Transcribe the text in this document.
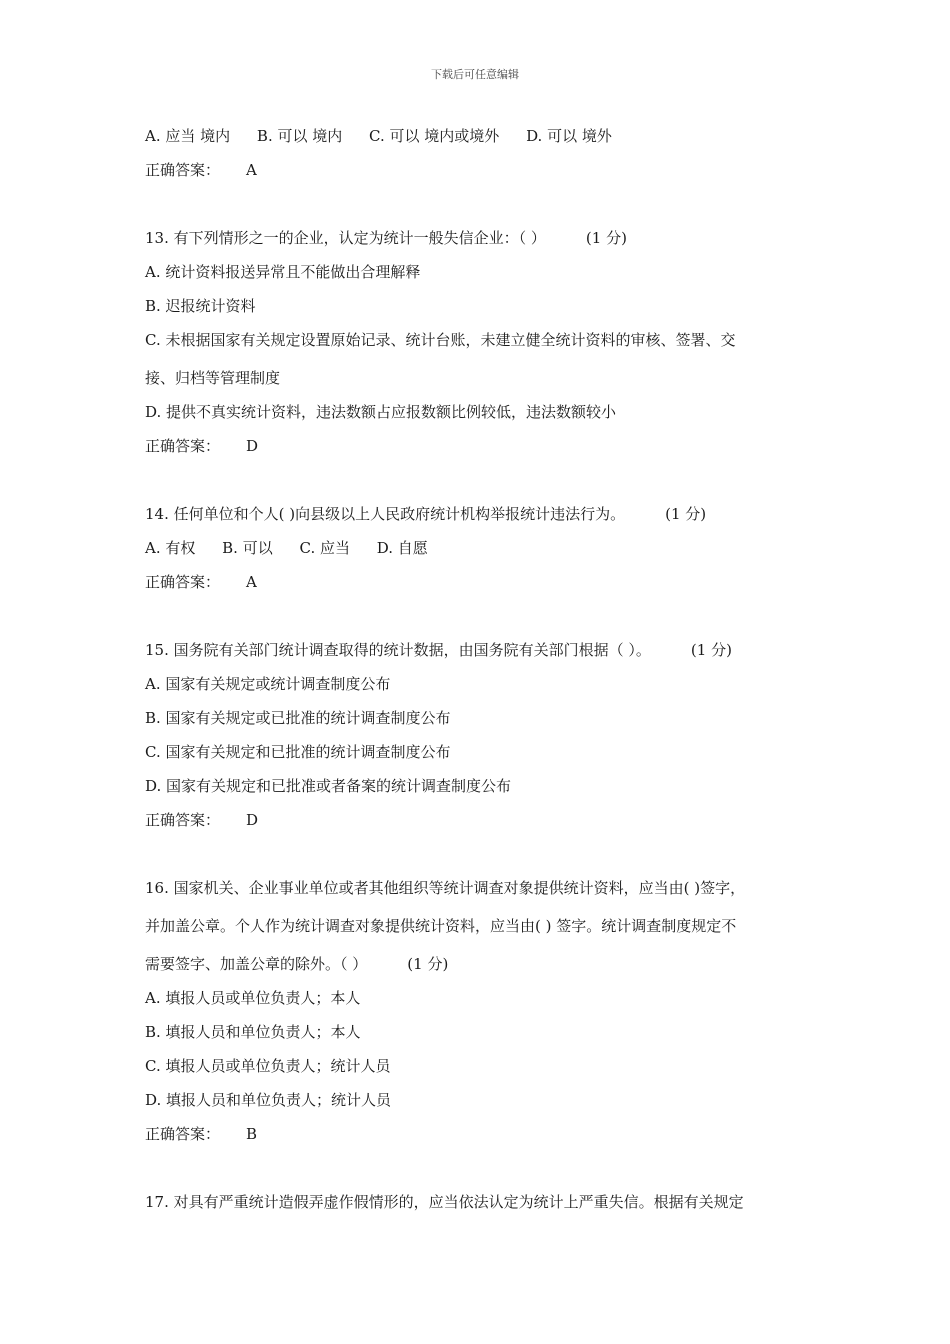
下载后可任意编辑
A. 应当 境内 B. 可以 境内 C. 可以 境内或境外 D. 可以 境外
正确答案： A
13. 有下列情形之一的企业，认定为统计一般失信企业：（ ）	(1 分)
A. 统计资料报送异常且不能做出合理解释
B. 迟报统计资料
C. 未根据国家有关规定设置原始记录、统计台账，未建立健全统计资料的审核、签署、交
接、归档等管理制度
D. 提供不真实统计资料，违法数额占应报数额比例较低，违法数额较小
正确答案： D
14. 任何单位和个人( )向县级以上人民政府统计机构举报统计违法行为。	(1 分)
A. 有权 B. 可以 C. 应当 D. 自愿
正确答案： A
15. 国务院有关部门统计调查取得的统计数据，由国务院有关部门根据（ ）。	(1 分)
A. 国家有关规定或统计调查制度公布
B. 国家有关规定或已批准的统计调查制度公布
C. 国家有关规定和已批准的统计调查制度公布
D. 国家有关规定和已批准或者备案的统计调查制度公布
正确答案： D
16. 国家机关、企业事业单位或者其他组织等统计调查对象提供统计资料，应当由( )签字，
并加盖公章。个人作为统计调查对象提供统计资料，应当由( ) 签字。统计调查制度规定不
需要签字、加盖公章的除外。（ ）	(1 分)
A. 填报人员或单位负责人；本人
B. 填报人员和单位负责人；本人
C. 填报人员或单位负责人；统计人员
D. 填报人员和单位负责人；统计人员
正确答案： B
17. 对具有严重统计造假弄虚作假情形的，应当依法认定为统计上严重失信。根据有关规定
